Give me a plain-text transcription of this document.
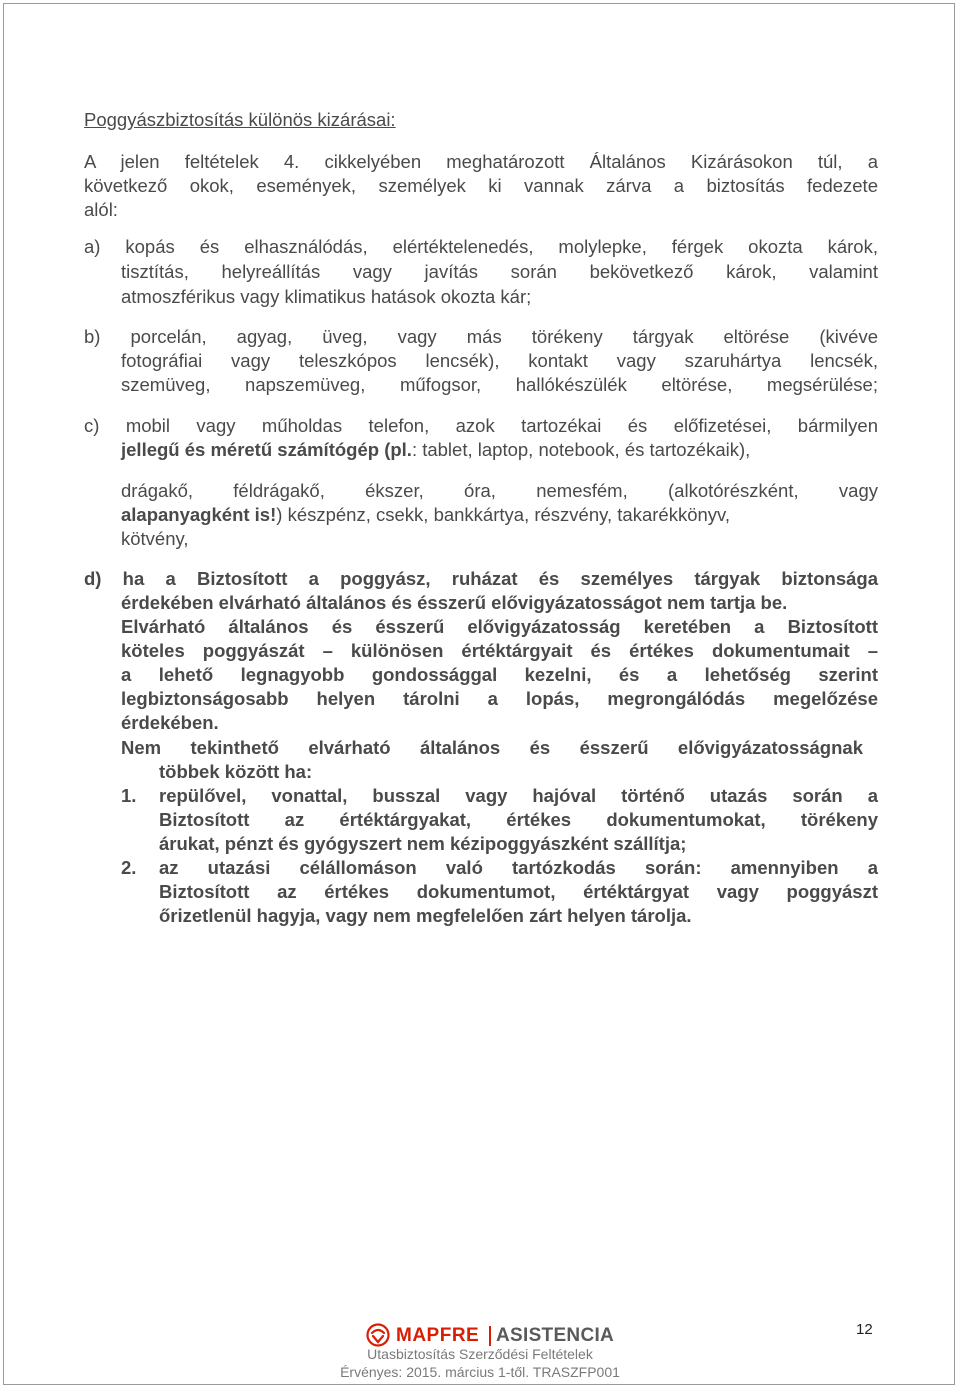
Poggyászbiztosítás különös kizárásai:
A jelen feltételek 4. cikkelyében meghatározott Általános Kizárásokon túl, a
következő okok, események, személyek ki vannak zárva a biztosítás fedezete
alól:
a) kopás és elhasználódás, elértéktelenedés, molylepke, férgek okozta károk,
tisztítás, helyreállítás vagy javítás során bekövetkező károk, valamint
atmoszférikus vagy klimatikus hatások okozta kár;
b) porcelán, agyag, üveg, vagy más törékeny tárgyak eltörése (kivéve
fotográfiai vagy teleszkópos lencsék), kontakt vagy szaruhártya lencsék,
szemüveg, napszemüveg, műfogsor, hallókészülék eltörése, megsérülése;
c) mobil vagy műholdas telefon, azok tartozékai és előfizetései, bármilyen
jellegű és méretű számítógép (pl.: tablet, laptop, notebook, és tartozékaik),
drágakő, féldrágakő, ékszer, óra, nemesfém, (alkotórészként, vagy
alapanyagként is!) készpénz, csekk, bankkártya, részvény, takarékkönyv,
kötvény,
d) ha a Biztosított a poggyász, ruházat és személyes tárgyak biztonsága
érdekében elvárható általános és ésszerű elővigyázatosságot nem tartja be.
Elvárható általános és ésszerű elővigyázatosság keretében a Biztosított
köteles poggyászát – különösen értéktárgyait és értékes dokumentumait –
a lehető legnagyobb gondossággal kezelni, és a lehetőség szerint
legbiztonságosabb helyen tárolni a lopás, megrongálódás megelőzése
érdekében.
Nem tekinthető elvárható általános és ésszerű elővigyázatosságnak
többek között ha:
1. repülővel, vonattal, busszal vagy hajóval történő utazás során a
Biztosított az értéktárgyakat, értékes dokumentumokat, törékeny
árukat, pénzt és gyógyszert nem kézipoggyászként szállítja;
2. az utazási célállomáson való tartózkodás során: amennyiben a
Biztosított az értékes dokumentumot, értéktárgyat vagy poggyászt
őrizetlenül hagyja, vagy nem megfelelően zárt helyen tárolja.
MAPFRE ASISTENCIA	12
Utasbiztosítás Szerződési Feltételek
Érvényes: 2015. március 1-től. TRASZFP001
